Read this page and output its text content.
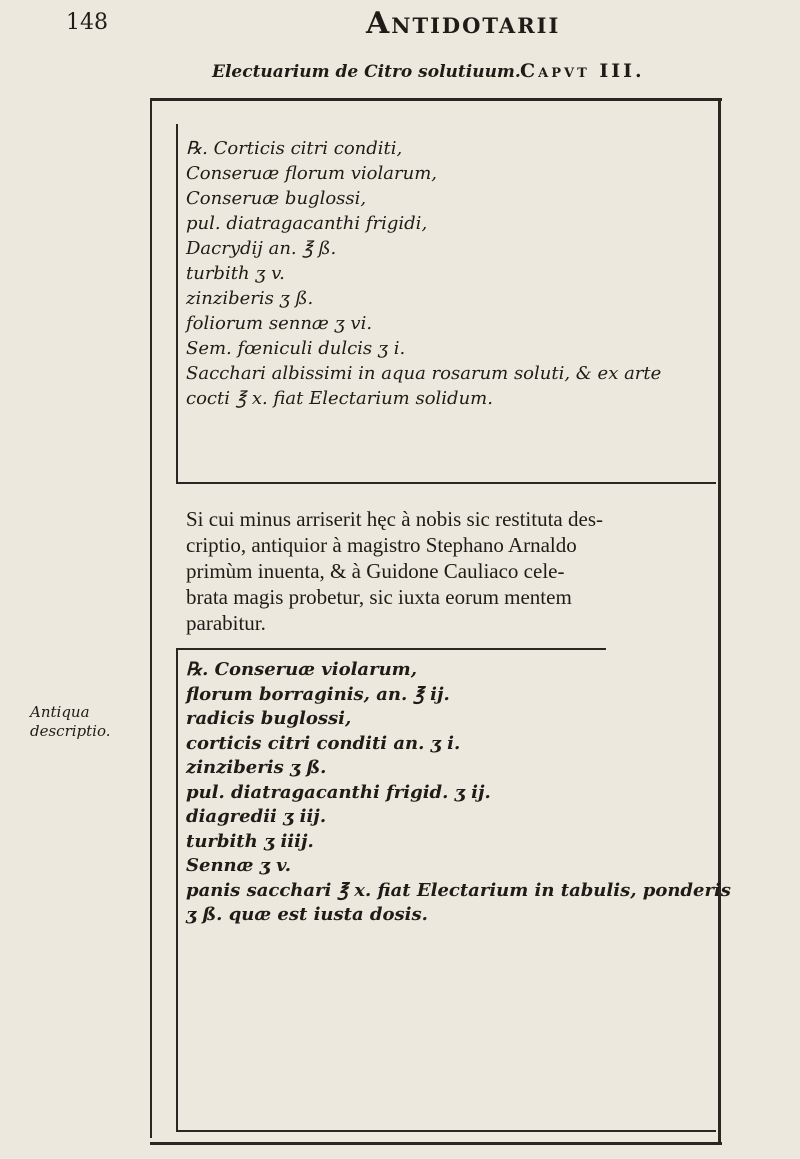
148	Antidotarii
Electuarium de Citro solutiuum. Capvt III.
℞. Corticis citri conditi,
Conseruæ florum violarum,
Conseruæ buglossi,
pul. diatragacanthi frigidi,
Dacrydij an. ℥ ß.
turbith ʒ v.
zinziberis ʒ ß.
foliorum sennæ ʒ vi.
Sem. fœniculi dulcis ʒ i.
Sacchari albissimi in aqua rosarum soluti, & ex arte
cocti ℥ x. fiat Electarium solidum.
Si cui minus arriserit hęc à nobis sic restituta des-
criptio, antiquior à magistro Stephano Arnaldo
primùm inuenta, & à Guidone Cauliaco cele-
brata magis probetur, sic iuxta eorum mentem
parabitur.
Antiqua
descriptio.
℞. Conseruæ violarum,
florum borraginis, an. ℥ ij.
radicis buglossi,
corticis citri conditi an. ʒ i.
zinziberis ʒ ß.
pul. diatragacanthi frigid. ʒ ij.
diagredii ʒ iij.
turbith ʒ iiij.
Sennæ ʒ v.
panis sacchari ℥ x. fiat Electarium in tabulis, ponderis
ʒ ß. quæ est iusta dosis.
